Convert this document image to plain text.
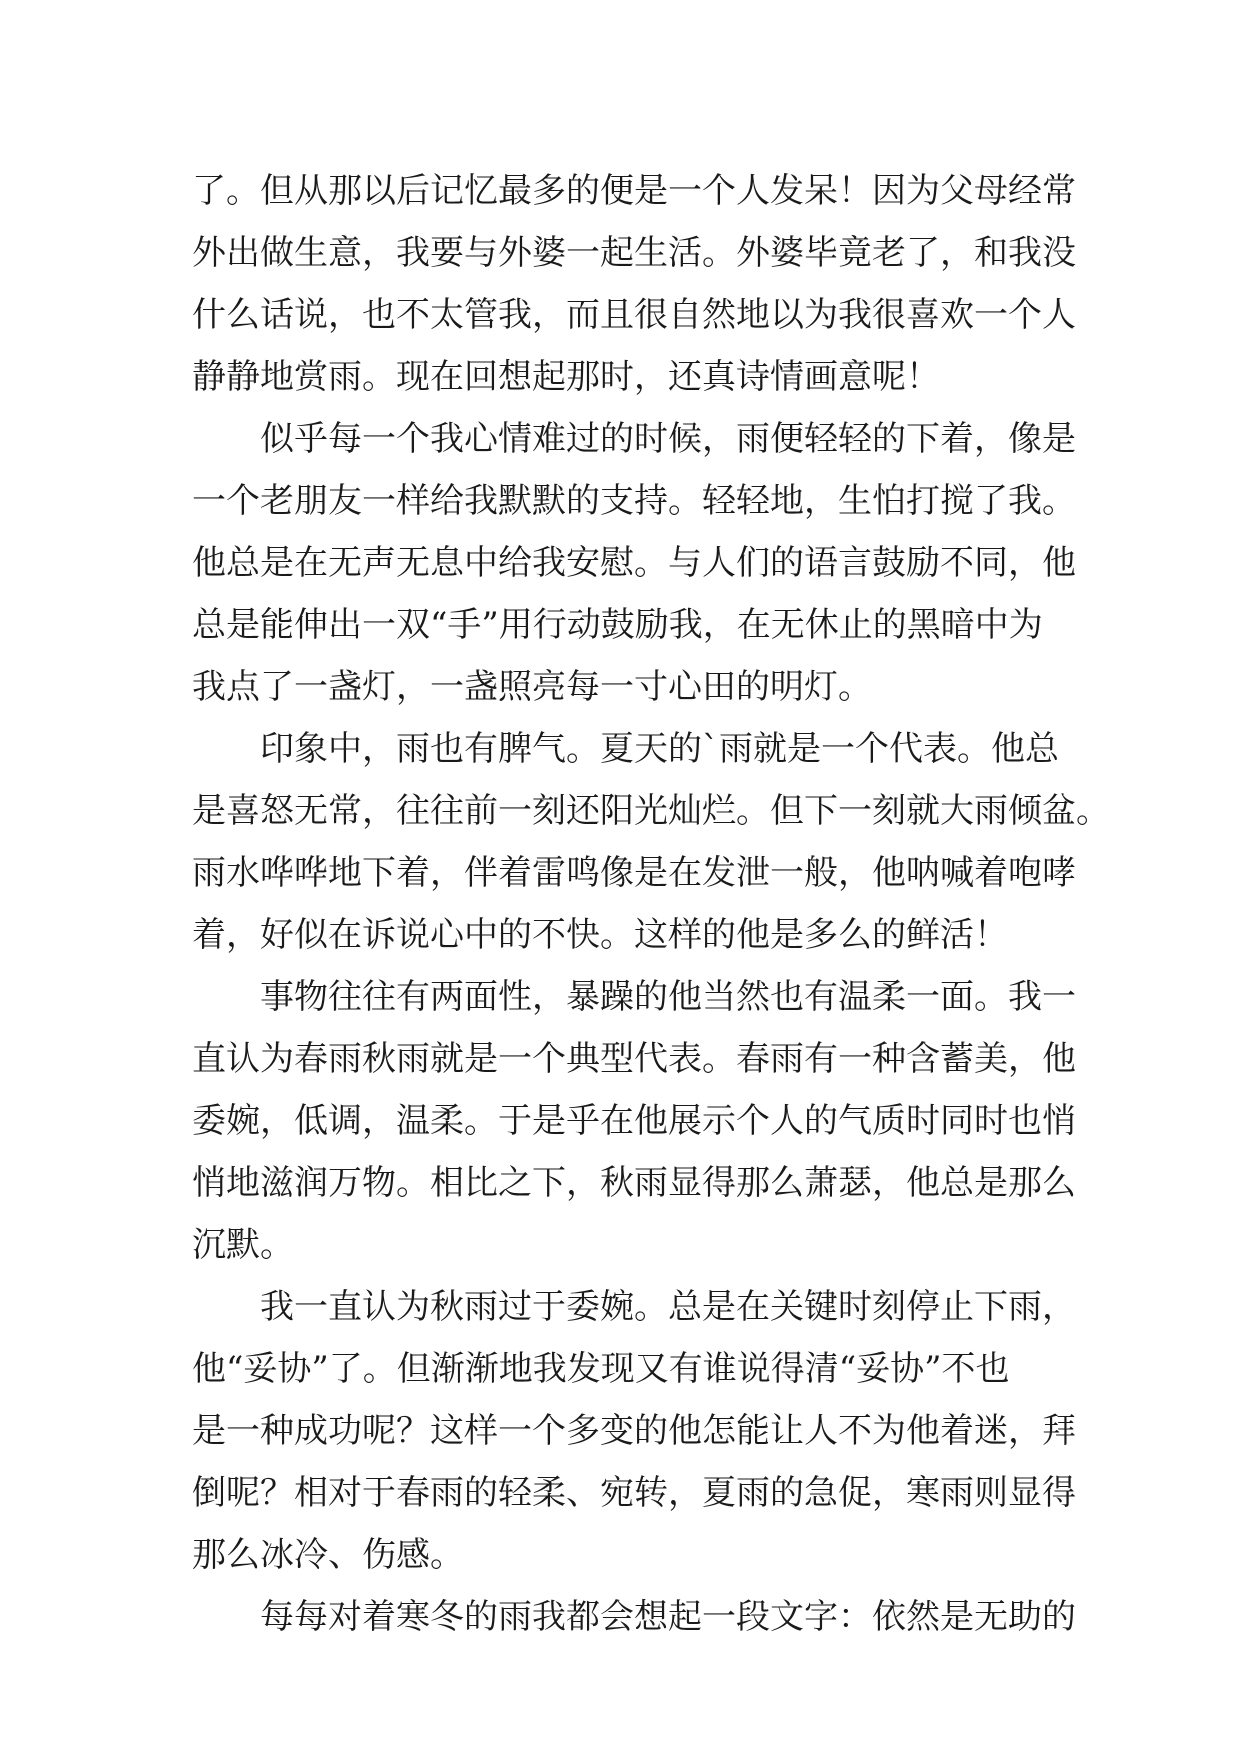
了。但从那以后记忆最多的便是一个人发呆！因为父母经常
外出做生意，我要与外婆一起生活。外婆毕竟老了，和我没
什么话说，也不太管我，而且很自然地以为我很喜欢一个人
静静地赏雨。现在回想起那时，还真诗情画意呢！
似乎每一个我心情难过的时候，雨便轻轻的下着，像是
一个老朋友一样给我默默的支持。轻轻地，生怕打搅了我。
他总是在无声无息中给我安慰。与人们的语言鼓励不同，他
总是能伸出一双“手”用行动鼓励我，在无休止的黑暗中为
我点了一盏灯，一盏照亮每一寸心田的明灯。
印象中，雨也有脾气。夏天的`雨就是一个代表。他总
是喜怒无常，往往前一刻还阳光灿烂。但下一刻就大雨倾盆。
雨水哗哗地下着，伴着雷鸣像是在发泄一般，他呐喊着咆哮
着，好似在诉说心中的不快。这样的他是多么的鲜活！
事物往往有两面性，暴躁的他当然也有温柔一面。我一
直认为春雨秋雨就是一个典型代表。春雨有一种含蓄美，他
委婉，低调，温柔。于是乎在他展示个人的气质时同时也悄
悄地滋润万物。相比之下，秋雨显得那么萧瑟，他总是那么
沉默。
我一直认为秋雨过于委婉。总是在关键时刻停止下雨，
他“妥协”了。但渐渐地我发现又有谁说得清“妥协”不也
是一种成功呢？这样一个多变的他怎能让人不为他着迷，拜
倒呢？相对于春雨的轻柔、宛转，夏雨的急促，寒雨则显得
那么冰冷、伤感。
每每对着寒冬的雨我都会想起一段文字：依然是无助的
